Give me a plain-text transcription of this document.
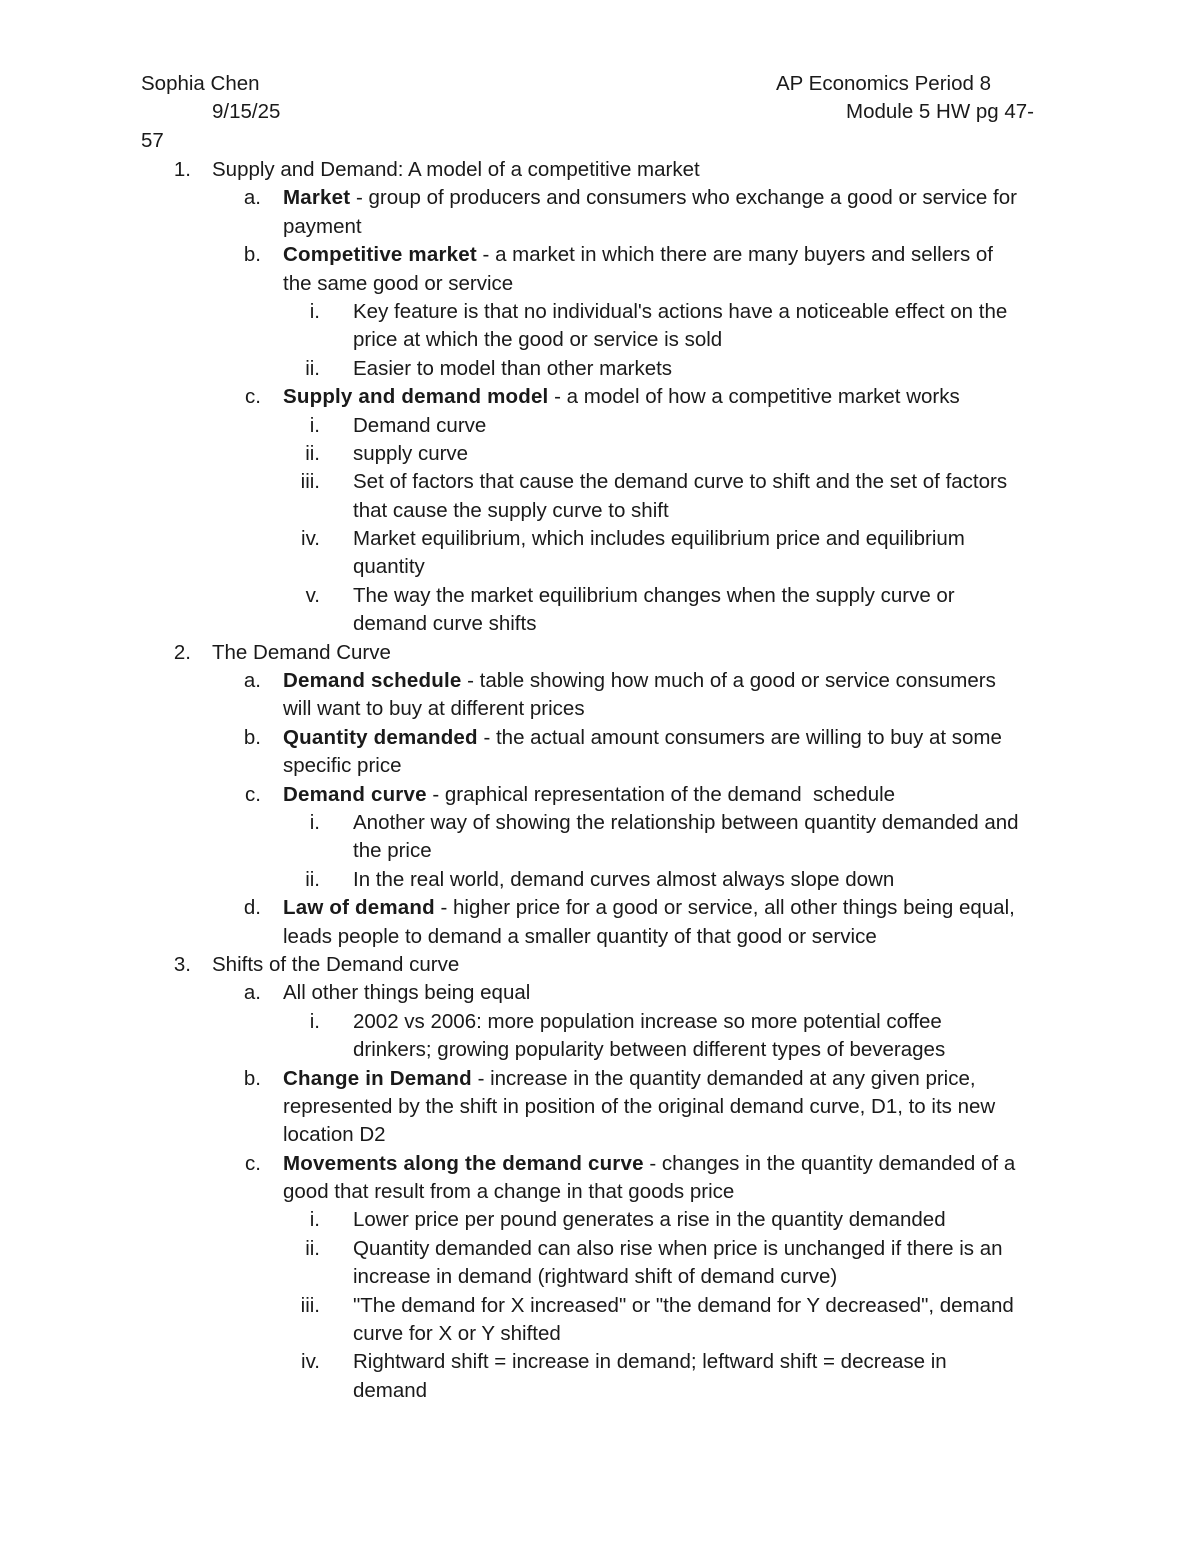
Sophia Chen	AP Economics Period 8
9/15/25	Module 5 HW pg 47-
57
1. Supply and Demand: A model of a competitive market
a. Market - group of producers and consumers who exchange a good or service for
payment
b. Competitive market - a market in which there are many buyers and sellers of
the same good or service
i. Key feature is that no individual's actions have a noticeable effect on the
price at which the good or service is sold
ii. Easier to model than other markets
c. Supply and demand model - a model of how a competitive market works
i. Demand curve
ii. supply curve
iii. Set of factors that cause the demand curve to shift and the set of factors
that cause the supply curve to shift
iv. Market equilibrium, which includes equilibrium price and equilibrium
quantity
v. The way the market equilibrium changes when the supply curve or
demand curve shifts
2. The Demand Curve
a. Demand schedule - table showing how much of a good or service consumers
will want to buy at different prices
b. Quantity demanded - the actual amount consumers are willing to buy at some
specific price
c. Demand curve - graphical representation of the demand  schedule
i. Another way of showing the relationship between quantity demanded and
the price
ii. In the real world, demand curves almost always slope down
d. Law of demand - higher price for a good or service, all other things being equal,
leads people to demand a smaller quantity of that good or service
3. Shifts of the Demand curve
a. All other things being equal
i. 2002 vs 2006: more population increase so more potential coffee
drinkers; growing popularity between different types of beverages
b. Change in Demand - increase in the quantity demanded at any given price,
represented by the shift in position of the original demand curve, D1, to its new
location D2
c. Movements along the demand curve - changes in the quantity demanded of a
good that result from a change in that goods price
i. Lower price per pound generates a rise in the quantity demanded
ii. Quantity demanded can also rise when price is unchanged if there is an
increase in demand (rightward shift of demand curve)
iii. "The demand for X increased" or "the demand for Y decreased", demand
curve for X or Y shifted
iv. Rightward shift = increase in demand; leftward shift = decrease in
demand
